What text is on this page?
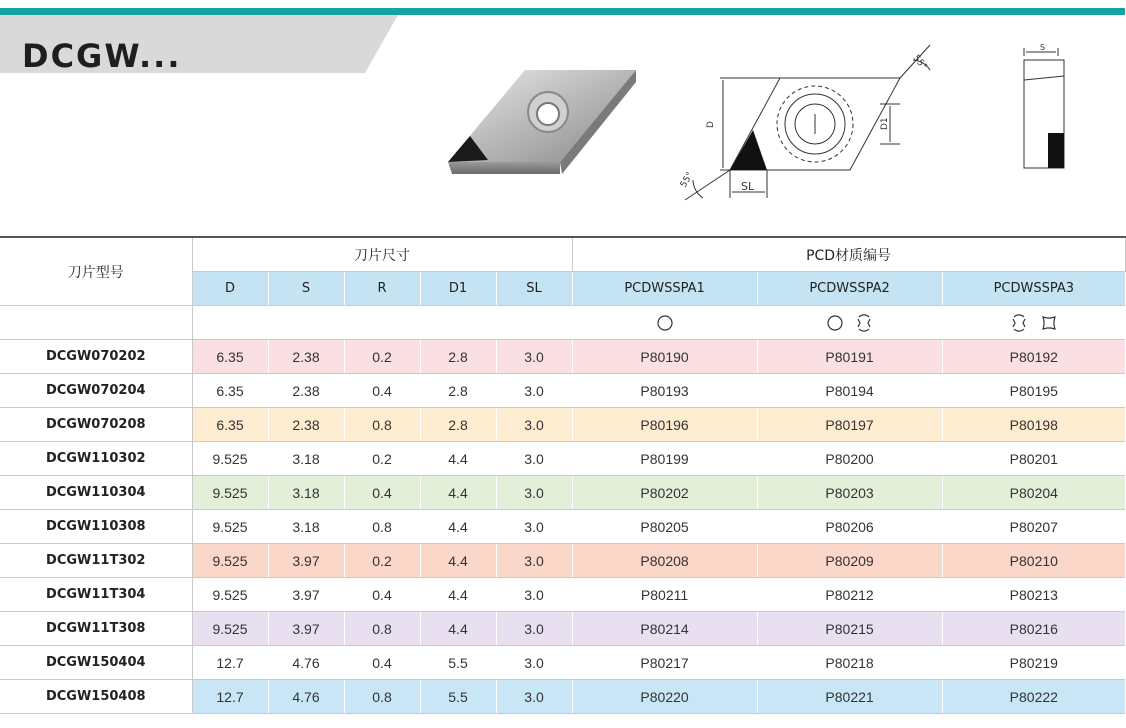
DCGW...	55°
55°
D	D1
SL
S
刀片型号	刀片尺寸					PCD材质编号		
	D	S	R	D1	SL	PCDWSSPA1	PCDWSSPA2	PCDWSSPA3

DCGW070202	6.35	2.38	0.2	2.8	3.0	P80190	P80191	P80192
DCGW070204	6.35	2.38	0.4	2.8	3.0	P80193	P80194	P80195
DCGW070208	6.35	2.38	0.8	2.8	3.0	P80196	P80197	P80198
DCGW110302	9.525	3.18	0.2	4.4	3.0	P80199	P80200	P80201
DCGW110304	9.525	3.18	0.4	4.4	3.0	P80202	P80203	P80204
DCGW110308	9.525	3.18	0.8	4.4	3.0	P80205	P80206	P80207
DCGW11T302	9.525	3.97	0.2	4.4	3.0	P80208	P80209	P80210
DCGW11T304	9.525	3.97	0.4	4.4	3.0	P80211	P80212	P80213
DCGW11T308	9.525	3.97	0.8	4.4	3.0	P80214	P80215	P80216
DCGW150404	12.7	4.76	0.4	5.5	3.0	P80217	P80218	P80219
DCGW150408	12.7	4.76	0.8	5.5	3.0	P80220	P80221	P80222
